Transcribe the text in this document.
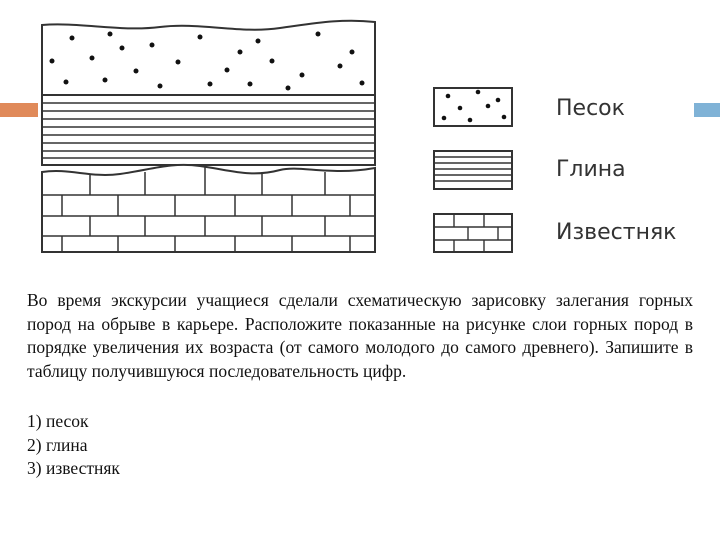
Песок
Глина
Известняк

Во время экскурсии учащиеся сделали схематическую зарисовку залегания горных пород на обрыве в карьере. Расположите показанные на рисунке слои горных пород в порядке увеличения их возраста (от самого молодого до самого древнего). Запишите в таблицу получившуюся последовательность цифр.

1) песок
2) глина
3) известняк
